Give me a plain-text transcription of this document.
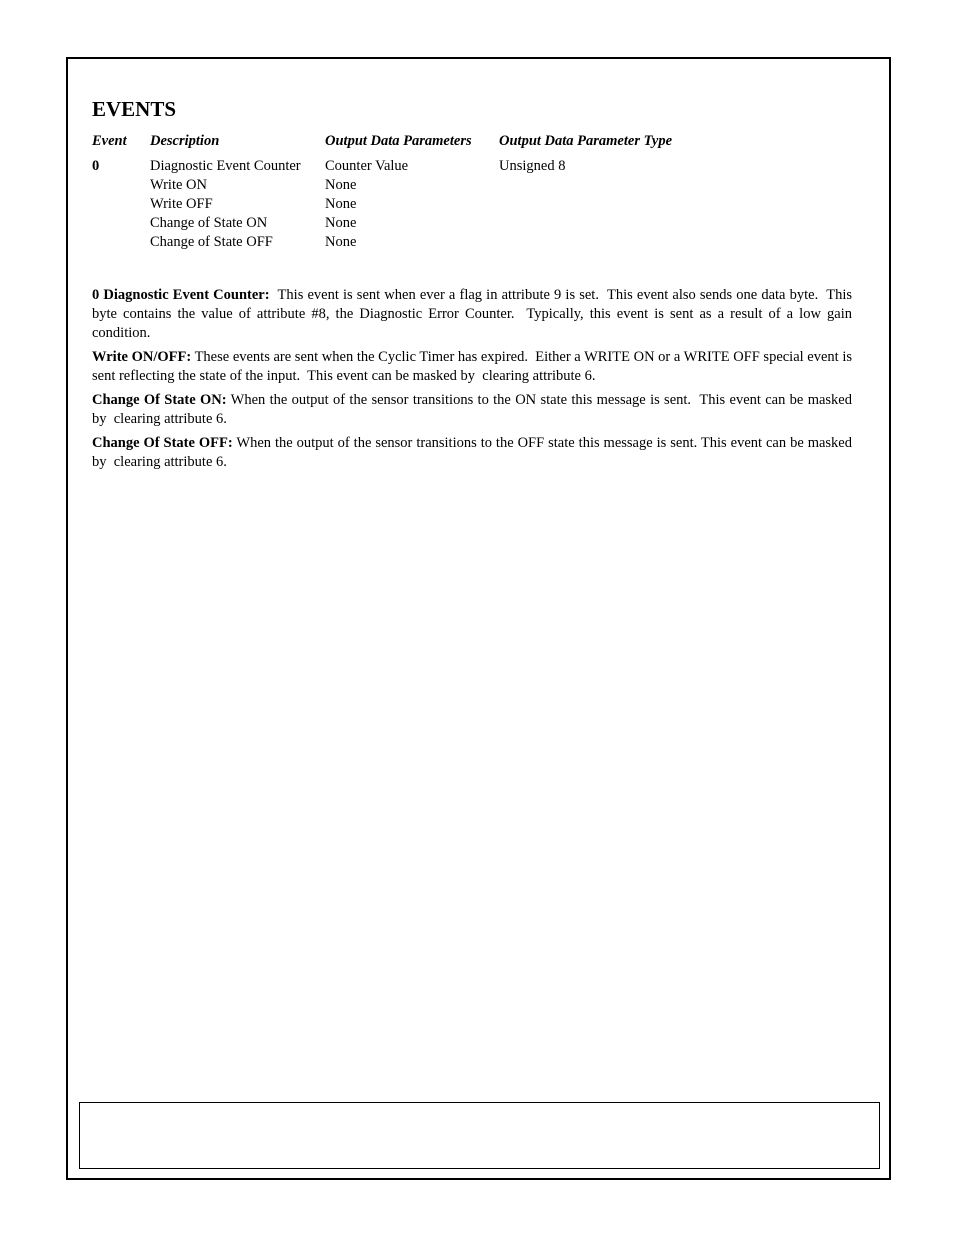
EVENTS
Event	Description	Output Data Parameters	Output Data Parameter Type
0	Diagnostic Event Counter	Counter Value	Unsigned 8
	Write ON	None	
	Write OFF	None	
	Change of State ON	None	
	Change of State OFF	None	

0 Diagnostic Event Counter:  This event is sent when ever a flag in attribute 9 is set.  This event also sends one data byte.  This byte contains the value of attribute #8, the Diagnostic Error Counter.  Typically, this event is sent as a result of a low gain condition.

Write ON/OFF: These events are sent when the Cyclic Timer has expired.  Either a WRITE ON or a WRITE OFF special event is sent reflecting the state of the input.  This event can be masked by  clearing attribute 6.

Change Of State ON: When the output of the sensor transitions to the ON state this message is sent.  This event can be masked by  clearing attribute 6.

Change Of State OFF: When the output of the sensor transitions to the OFF state this message is sent. This event can be masked by  clearing attribute 6.
